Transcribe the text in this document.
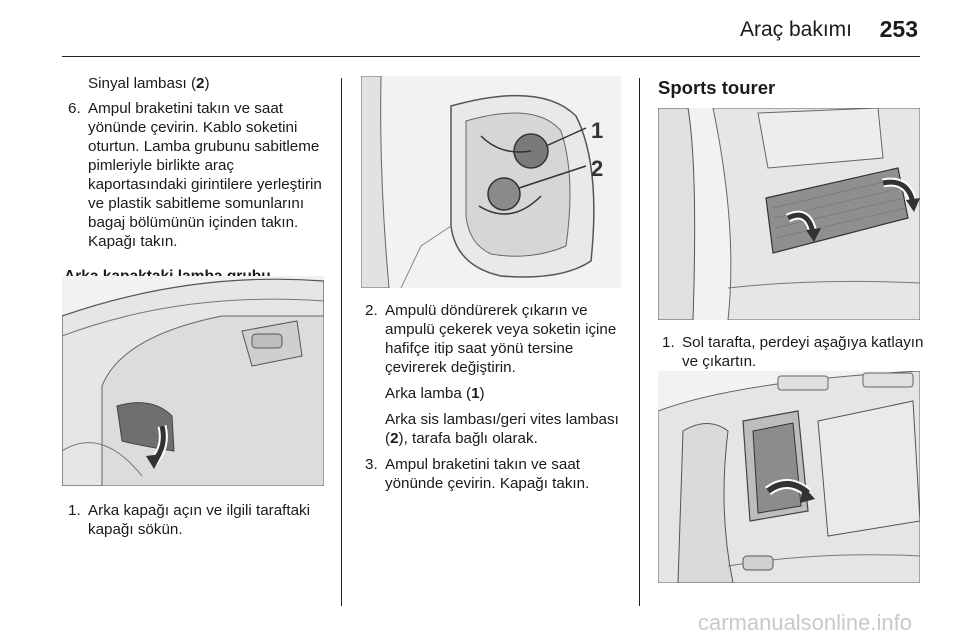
Araç bakımı 253

Sinyal lambası (2)

6. Ampul braketini takın ve saat yönünde çevirin. Kablo soketini oturtun. Lamba grubunu sabitleme pimleriyle birlikte araç kaportasındaki girintilere yerleştirin ve plastik sabitleme somunlarını bagaj bölümünün içinden takın. Kapağı takın.

1. Arka kapağı açın ve ilgili taraftaki kapağı sökün.

1
2

2. Ampulü döndürerek çıkarın ve ampulü çekerek veya soketin içine hafifçe itip saat yönü tersine çevirerek değiştirin.

Arka lamba (1)

Arka sis lambası/geri vites lambası (2), tarafa bağlı olarak.

3. Ampul braketini takın ve saat yönünde çevirin. Kapağı takın.

Sports tourer

1. Sol tarafta, perdeyi aşağıya katlayın ve çıkartın.

carmanualsonline.info
